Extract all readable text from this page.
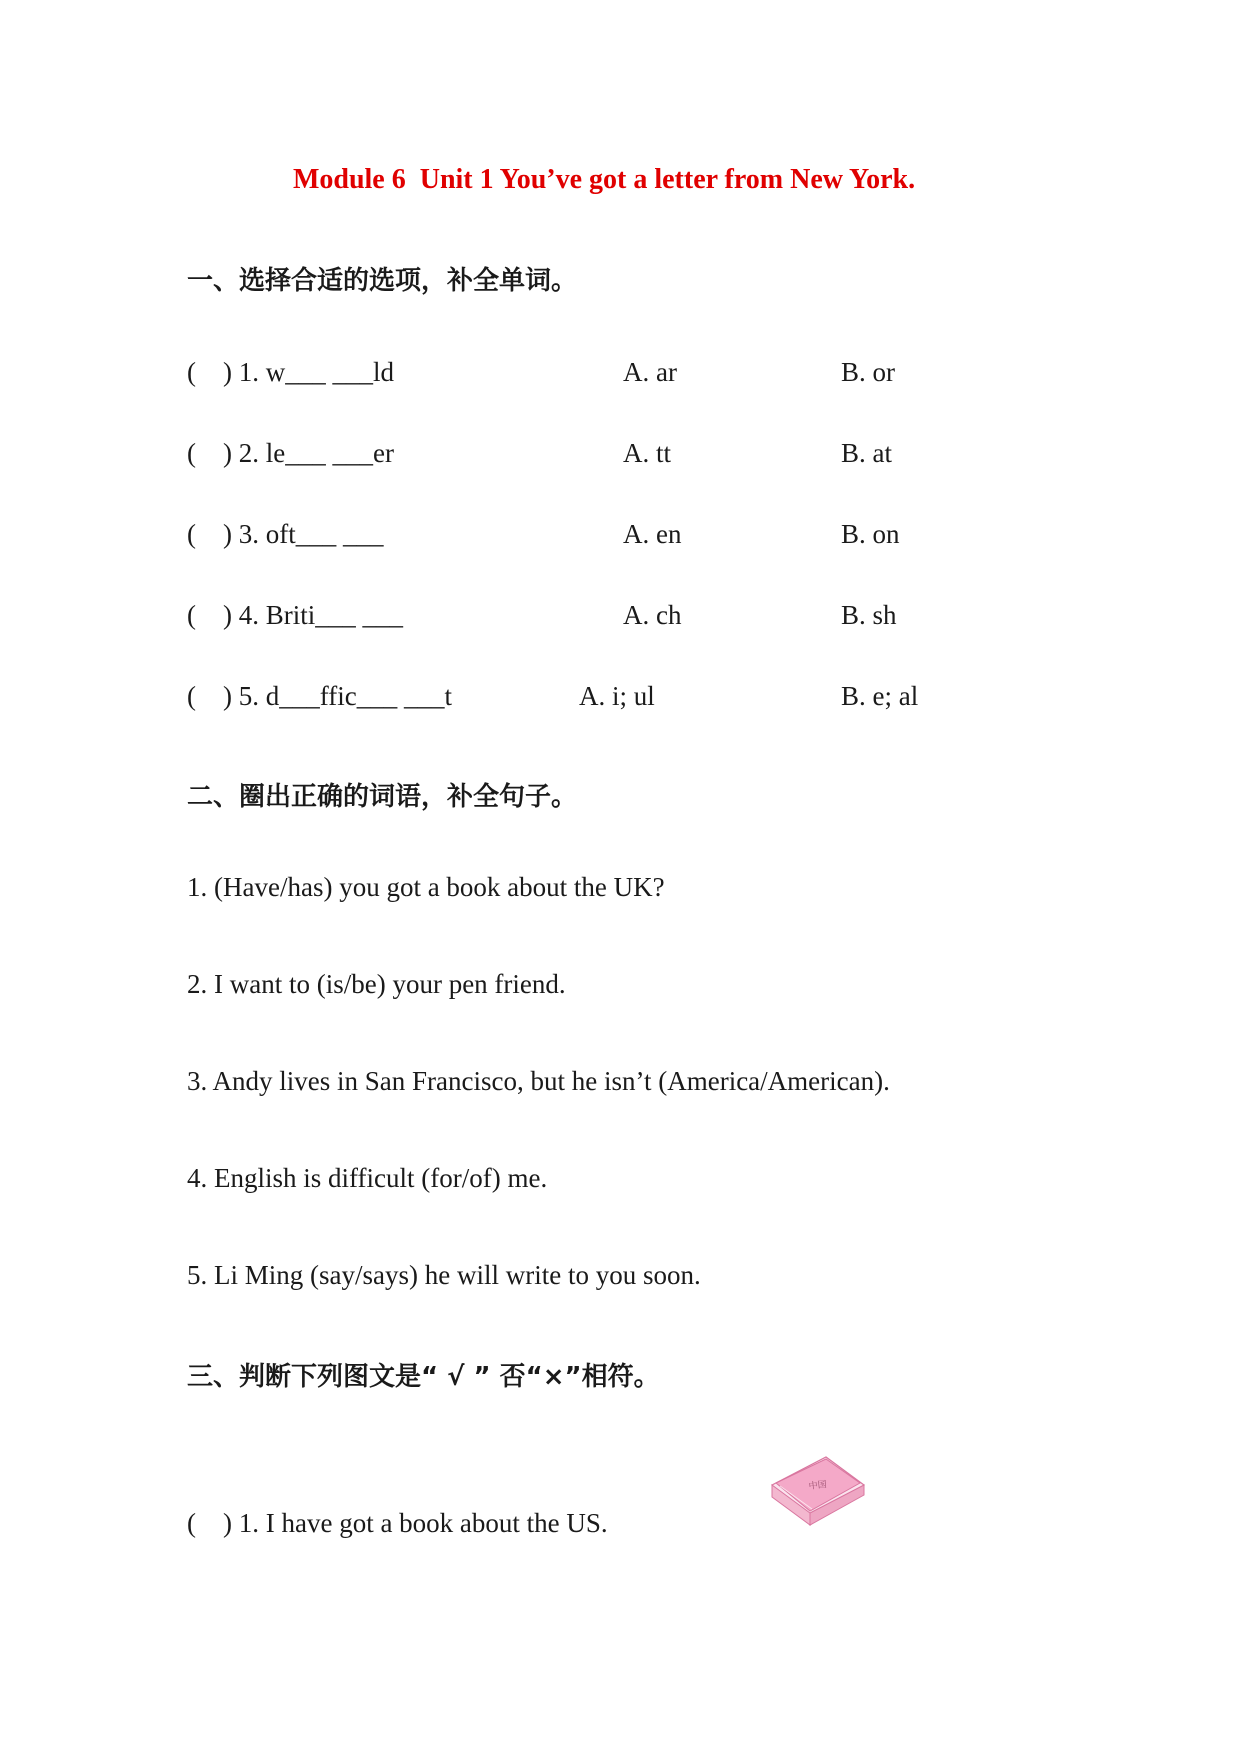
Module 6  Unit 1 You’ve got a letter from New York.
一、选择合适的选项，补全单词。
(    ) 1. w___ ___ld	A. ar	B. or
(    ) 2. le___ ___er	A. tt	B. at
(    ) 3. oft___ ___	A. en	B. on
(    ) 4. Briti___ ___	A. ch	B. sh
(    ) 5. d___ffic___ ___t	A. i; ul	B. e; al
二、圈出正确的词语，补全句子。
1. (Have/has) you got a book about the UK?
2. I want to (is/be) your pen friend.
3. Andy lives in San Francisco, but he isn’t (America/American).
4. English is difficult (for/of) me.
5. Li Ming (say/says) he will write to you soon.
三、判断下列图文是“ √ ” 否“×”相符。
(    ) 1. I have got a book about the US.
中国
